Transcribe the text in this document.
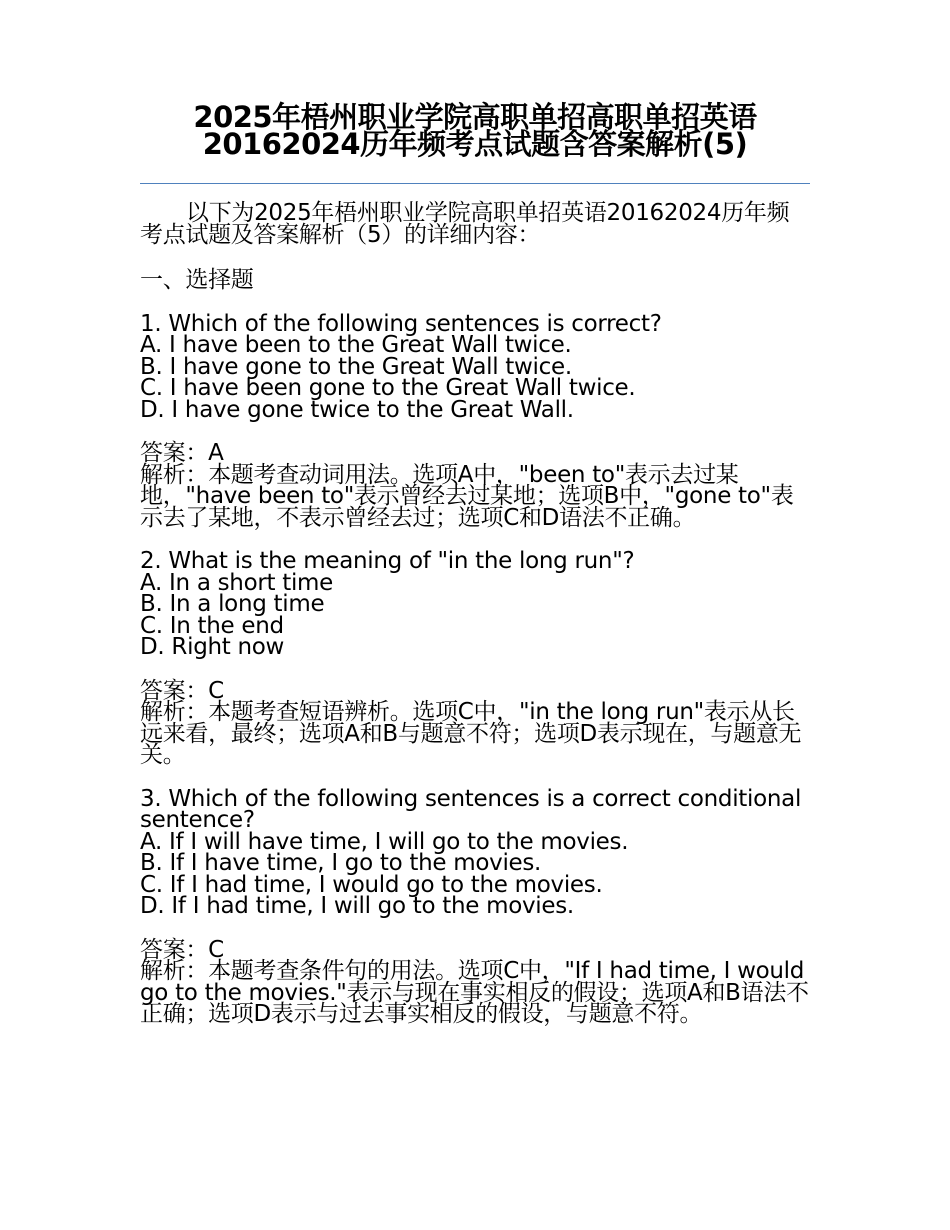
2025年梧州职业学院高职单招高职单招英语20162024历年频考点试题含答案解析(5)

以下为2025年梧州职业学院高职单招英语20162024历年频考点试题及答案解析（5）的详细内容：

一、选择题

1. Which of the following sentences is correct?

A. I have been to the Great Wall twice.

B. I have gone to the Great Wall twice.

C. I have been gone to the Great Wall twice.

D. I have gone twice to the Great Wall.

答案：A

解析：本题考查动词用法。选项A中，"been to"表示去过某地，"have been to"表示曾经去过某地；选项B中，"gone to"表示去了某地，不表示曾经去过；选项C和D语法不正确。

2. What is the meaning of "in the long run"?

A. In a short time

B. In a long time

C. In the end

D. Right now

答案：C

解析：本题考查短语辨析。选项C中，"in the long run"表示从长远来看，最终；选项A和B与题意不符；选项D表示现在，与题意无关。

3. Which of the following sentences is a correct conditional sentence?

A. If I will have time, I will go to the movies.

B. If I have time, I go to the movies.

C. If I had time, I would go to the movies.

D. If I had time, I will go to the movies.

答案：C

解析：本题考查条件句的用法。选项C中，"If I had time, I would go to the movies."表示与现在事实相反的假设；选项A和B语法不正确；选项D表示与过去事实相反的假设，与题意不符。
